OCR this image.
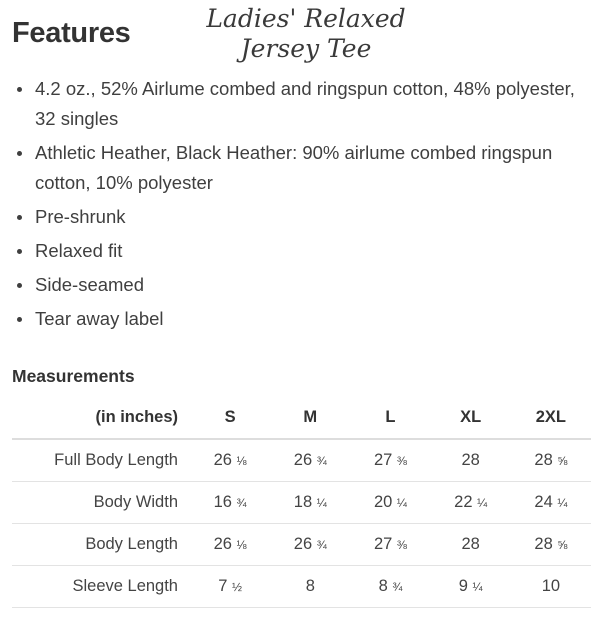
Features	Ladies' Relaxed
Jersey Tee
4.2 oz., 52% Airlume combed and ringspun cotton, 48% polyester, 32 singles
Athletic Heather, Black Heather: 90% airlume combed ringspun cotton, 10% polyester
Pre-shrunk
Relaxed fit
Side-seamed
Tear away label
Measurements
(in inches)	S	M	L	XL	2XL
Full Body Length	26 ⅛	26 ¾	27 ⅜	28	28 ⅝
Body Width	16 ¾	18 ¼	20 ¼	22 ¼	24 ¼
Body Length	26 ⅛	26 ¾	27 ⅜	28	28 ⅝
Sleeve Length	7 ½	8	8 ¾	9 ¼	10
